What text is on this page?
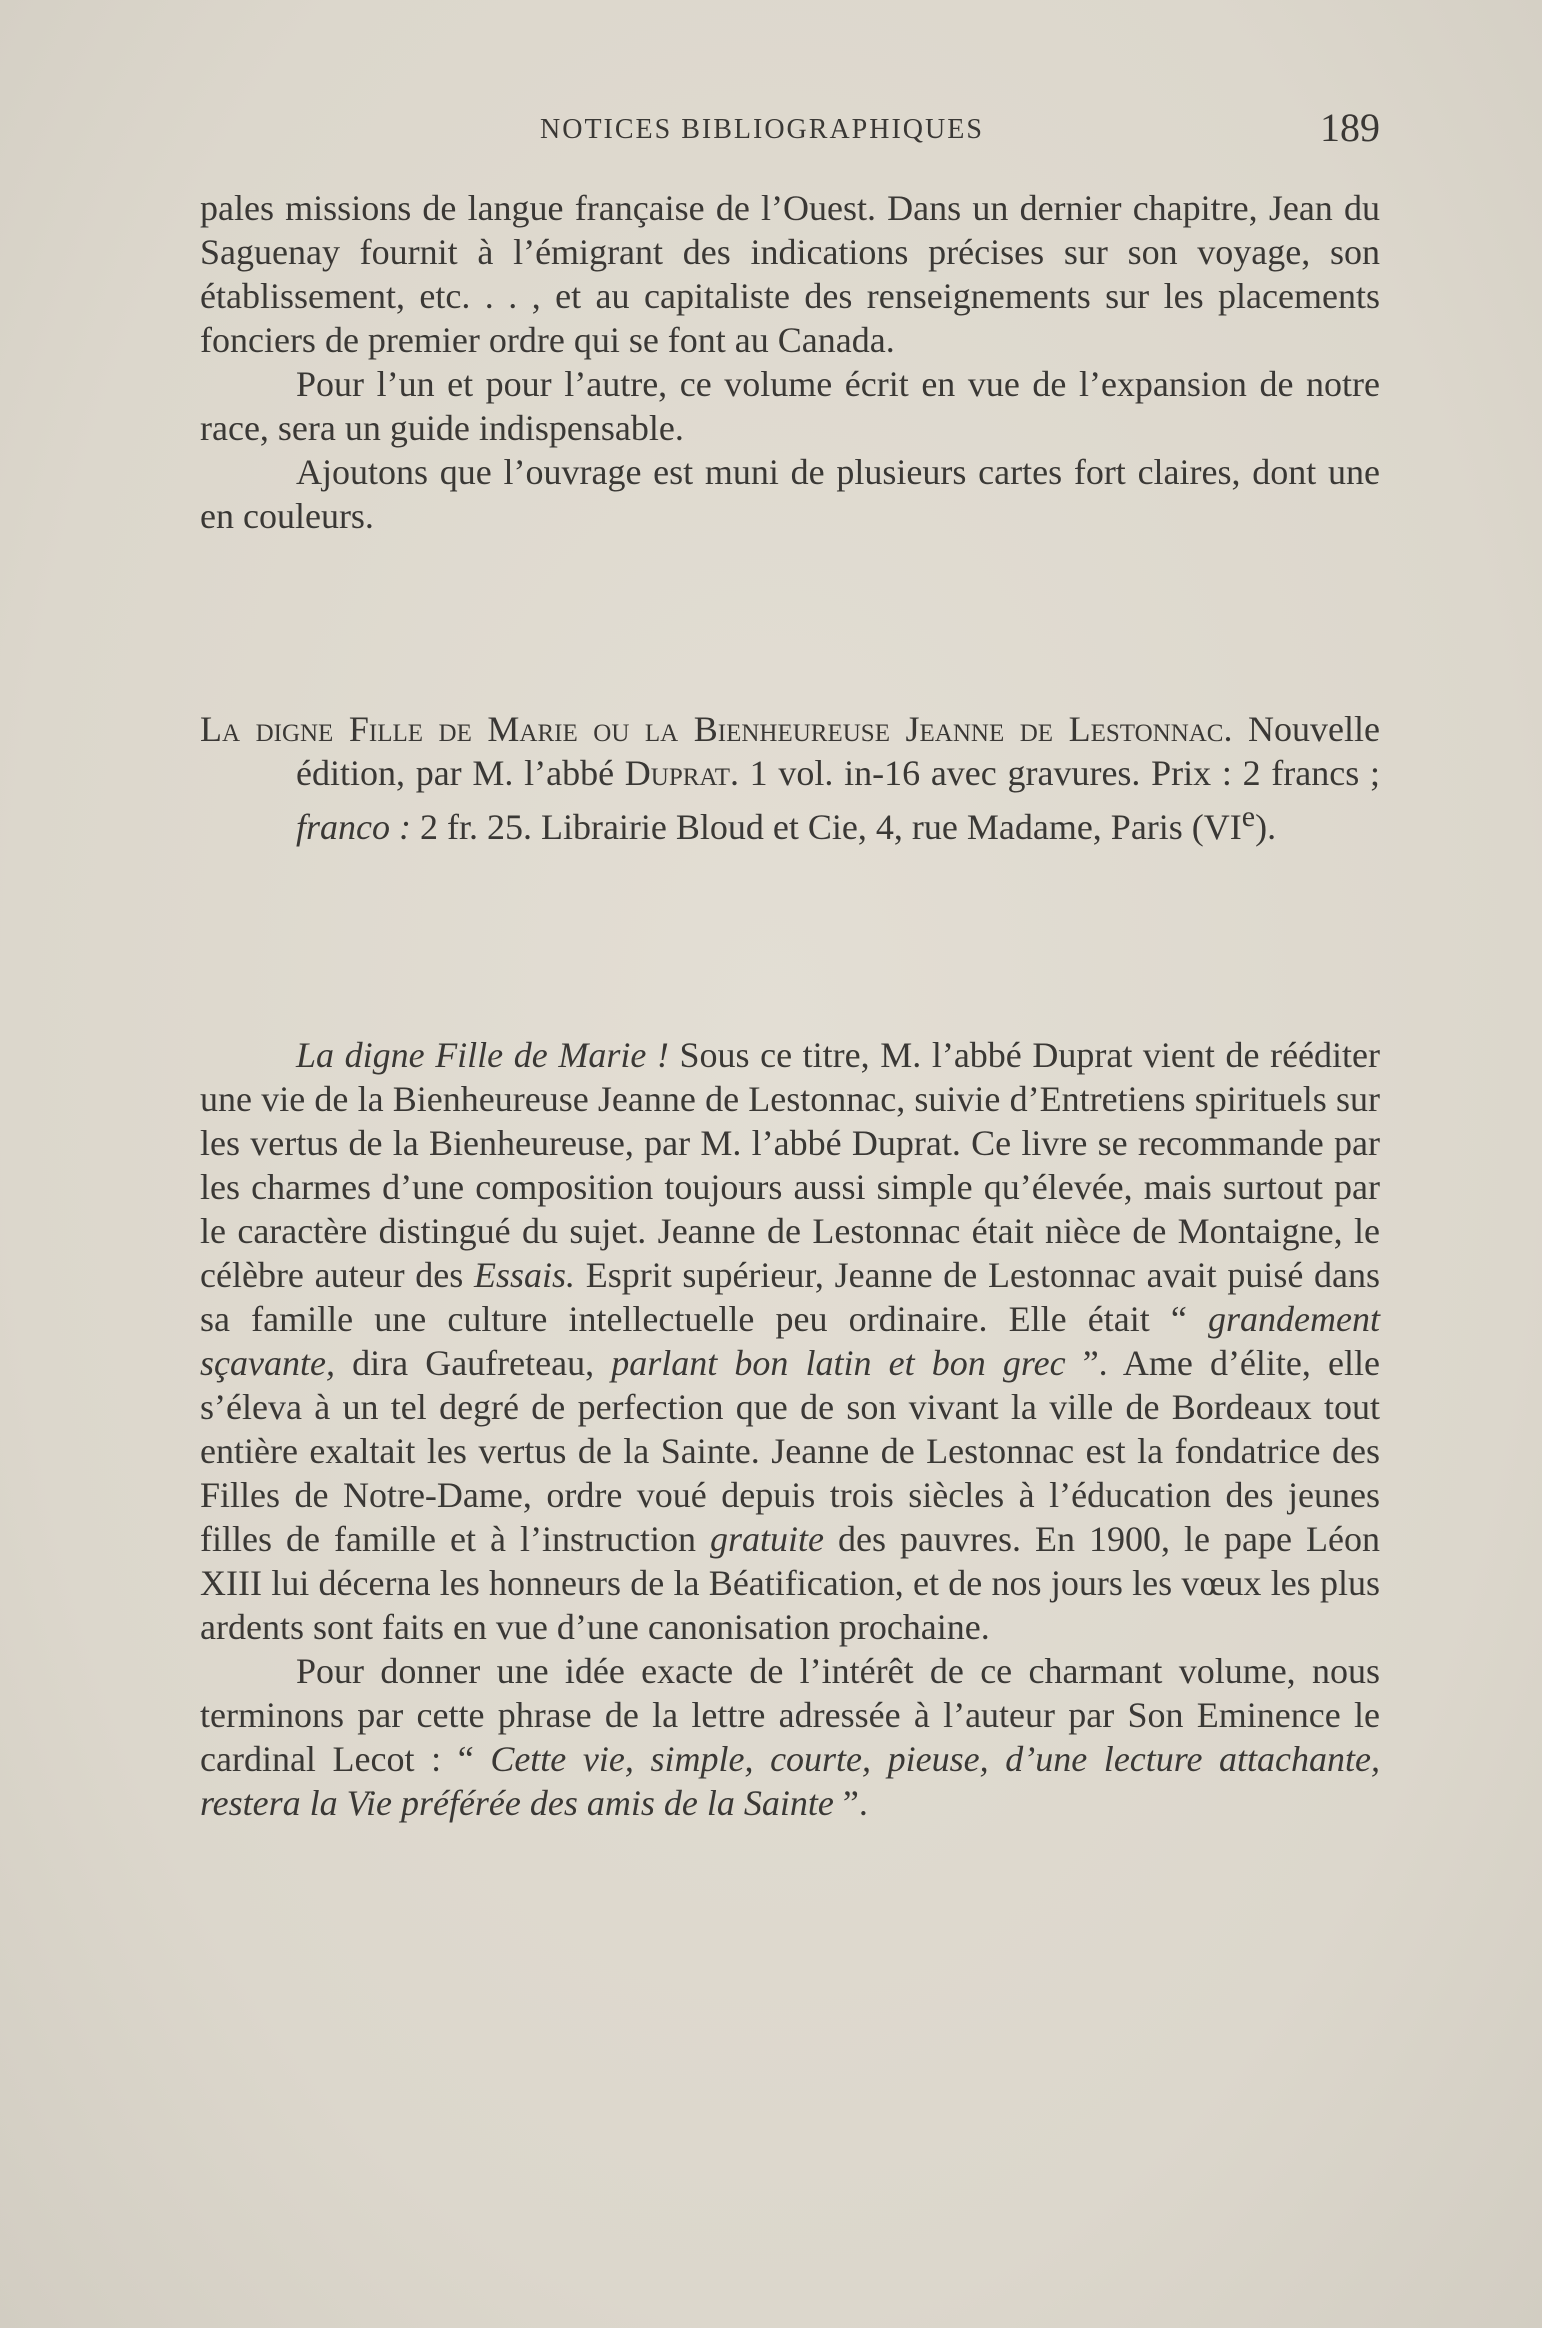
NOTICES BIBLIOGRAPHIQUES	189

pales missions de langue française de l’Ouest. Dans un dernier chapitre, Jean du Saguenay fournit à l’émigrant des indications précises sur son voyage, son établissement, etc. . . , et au capitaliste des renseignements sur les placements fonciers de premier ordre qui se font au Canada.

Pour l’un et pour l’autre, ce volume écrit en vue de l’expansion de notre race, sera un guide indispensable.

Ajoutons que l’ouvrage est muni de plusieurs cartes fort claires, dont une en couleurs.

La digne Fille de Marie ou la Bienheureuse Jeanne de Lestonnac. Nouvelle édition, par M. l’abbé Duprat. 1 vol. in-16 avec gravures. Prix : 2 francs ; franco : 2 fr. 25. Librairie Bloud et Cie, 4, rue Madame, Paris (VIe).

La digne Fille de Marie ! Sous ce titre, M. l’abbé Duprat vient de rééditer une vie de la Bienheureuse Jeanne de Lestonnac, suivie d’Entretiens spirituels sur les vertus de la Bienheureuse, par M. l’abbé Duprat. Ce livre se recommande par les charmes d’une composition toujours aussi simple qu’élevée, mais surtout par le caractère distingué du sujet. Jeanne de Lestonnac était nièce de Montaigne, le célèbre auteur des Essais. Esprit supérieur, Jeanne de Lestonnac avait puisé dans sa famille une culture intellectuelle peu ordinaire. Elle était “ grandement sçavante, dira Gaufreteau, parlant bon latin et bon grec ”. Ame d’élite, elle s’éleva à un tel degré de perfection que de son vivant la ville de Bordeaux tout entière exaltait les vertus de la Sainte. Jeanne de Lestonnac est la fondatrice des Filles de Notre-Dame, ordre voué depuis trois siècles à l’éducation des jeunes filles de famille et à l’instruction gratuite des pauvres. En 1900, le pape Léon XIII lui décerna les honneurs de la Béatification, et de nos jours les vœux les plus ardents sont faits en vue d’une canonisation prochaine.

Pour donner une idée exacte de l’intérêt de ce charmant volume, nous terminons par cette phrase de la lettre adressée à l’auteur par Son Eminence le cardinal Lecot : “ Cette vie, simple, courte, pieuse, d’une lecture attachante, restera la Vie préférée des amis de la Sainte ”.
